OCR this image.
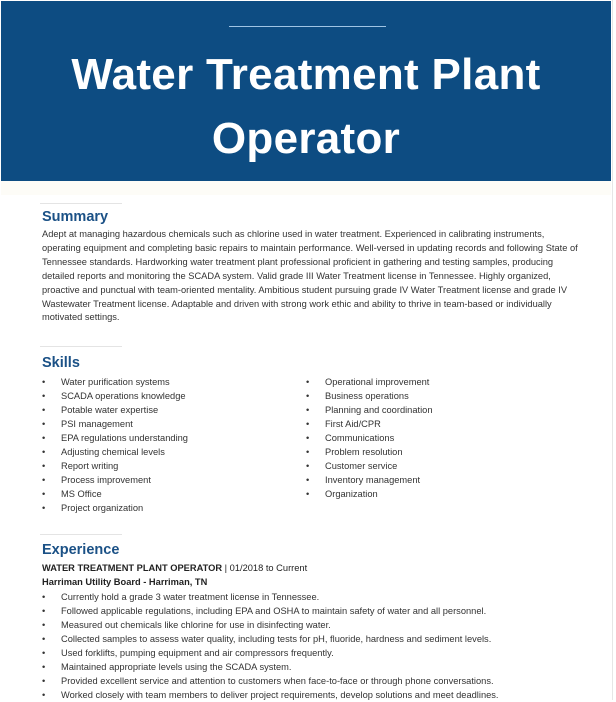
Water Treatment Plant
Operator
Summary
Adept at managing hazardous chemicals such as chlorine used in water treatment. Experienced in calibrating instruments, operating equipment and completing basic repairs to maintain performance. Well-versed in updating records and following State of Tennessee standards. Hardworking water treatment plant professional proficient in gathering and testing samples, producing detailed reports and monitoring the SCADA system. Valid grade III Water Treatment license in Tennessee. Highly organized, proactive and punctual with team-oriented mentality. Ambitious student pursuing grade IV Water Treatment license and grade IV Wastewater Treatment license. Adaptable and driven with strong work ethic and ability to thrive in team-based or individually motivated settings.
Skills
• Water purification systems
• SCADA operations knowledge
• Potable water expertise
• PSI management
• EPA regulations understanding
• Adjusting chemical levels
• Report writing
• Process improvement
• MS Office
• Project organization
• Operational improvement
• Business operations
• Planning and coordination
• First Aid/CPR
• Communications
• Problem resolution
• Customer service
• Inventory management
• Organization
Experience
WATER TREATMENT PLANT OPERATOR | 01/2018 to Current
Harriman Utility Board - Harriman, TN
• Currently hold a grade 3 water treatment license in Tennessee.
• Followed applicable regulations, including EPA and OSHA to maintain safety of water and all personnel.
• Measured out chemicals like chlorine for use in disinfecting water.
• Collected samples to assess water quality, including tests for pH, fluoride, hardness and sediment levels.
• Used forklifts, pumping equipment and air compressors frequently.
• Maintained appropriate levels using the SCADA system.
• Provided excellent service and attention to customers when face-to-face or through phone conversations.
• Worked closely with team members to deliver project requirements, develop solutions and meet deadlines.
